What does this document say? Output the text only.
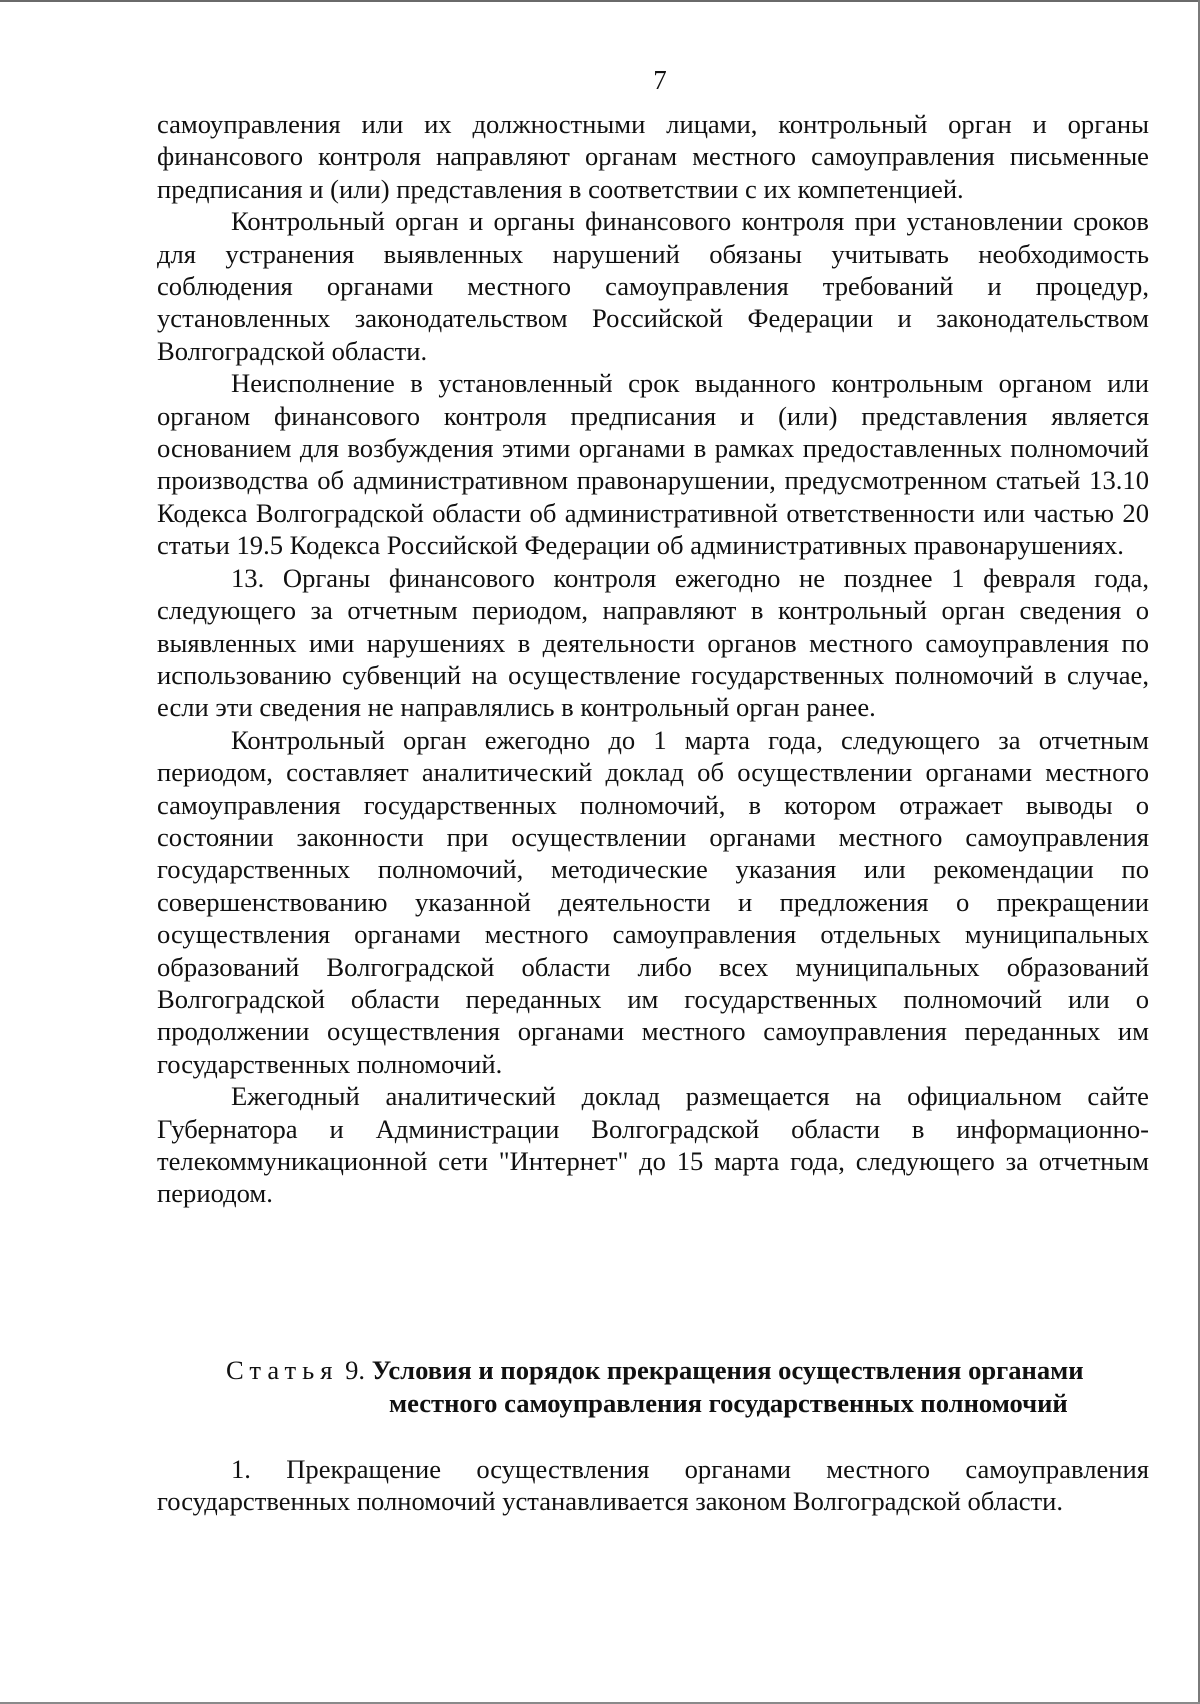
7

самоуправления или их должностными лицами, контрольный орган и органы финансового контроля направляют органам местного самоуправления письменные предписания и (или) представления в соответствии с их компетенцией.

Контрольный орган и органы финансового контроля при установлении сроков для устранения выявленных нарушений обязаны учитывать необходимость соблюдения органами местного самоуправления требований и процедур, установленных законодательством Российской Федерации и законодательством Волгоградской области.

Неисполнение в установленный срок выданного контрольным органом или органом финансового контроля предписания и (или) представления является основанием для возбуждения этими органами в рамках предоставленных полномочий производства об административном правонарушении, предусмотренном статьей 13.10 Кодекса Волгоградской области об административной ответственности или частью 20 статьи 19.5 Кодекса Российской Федерации об административных правонарушениях.

13. Органы финансового контроля ежегодно не позднее 1 февраля года, следующего за отчетным периодом, направляют в контрольный орган сведения о выявленных ими нарушениях в деятельности органов местного самоуправления по использованию субвенций на осуществление государственных полномочий в случае, если эти сведения не направлялись в контрольный орган ранее.

Контрольный орган ежегодно до 1 марта года, следующего за отчетным периодом, составляет аналитический доклад об осуществлении органами местного самоуправления государственных полномочий, в котором отражает выводы о состоянии законности при осуществлении органами местного самоуправления государственных полномочий, методические указания или рекомендации по совершенствованию указанной деятельности и предложения о прекращении осуществления органами местного самоуправления отдельных муниципальных образований Волгоградской области либо всех муниципальных образований Волгоградской области переданных им государственных полномочий или о продолжении осуществления органами местного самоуправления переданных им государственных полномочий.

Ежегодный аналитический доклад размещается на официальном сайте Губернатора и Администрации Волгоградской области в информационно-телекоммуникационной сети "Интернет" до 15 марта года, следующего за отчетным периодом.

Статья 9. Условия и порядок прекращения осуществления органами
местного самоуправления государственных полномочий

1. Прекращение осуществления органами местного самоуправления государственных полномочий устанавливается законом Волгоградской области.
